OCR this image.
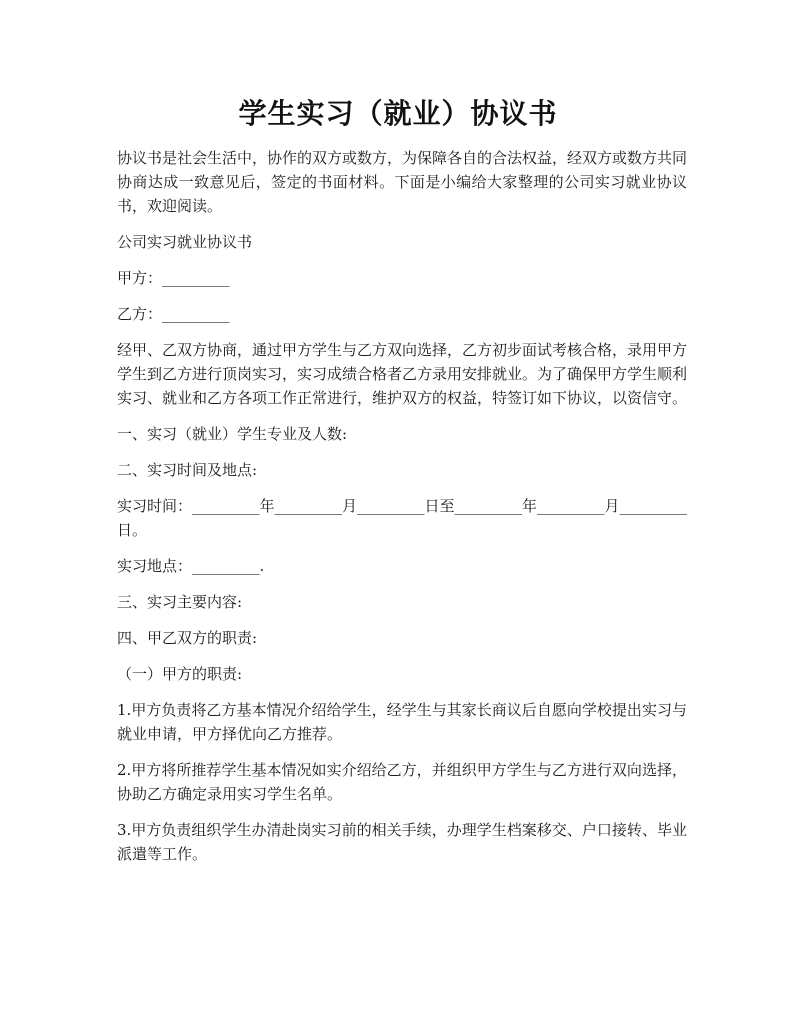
学生实习（就业）协议书

协议书是社会生活中，协作的双方或数方，为保障各自的合法权益，经双方或数方共同协商达成一致意见后，签定的书面材料。下面是小编给大家整理的公司实习就业协议书，欢迎阅读。

公司实习就业协议书

甲方：_________

乙方：_________

经甲、乙双方协商，通过甲方学生与乙方双向选择，乙方初步面试考核合格，录用甲方学生到乙方进行顶岗实习，实习成绩合格者乙方录用安排就业。为了确保甲方学生顺利实习、就业和乙方各项工作正常进行，维护双方的权益，特签订如下协议，以资信守。

一、实习（就业）学生专业及人数:

二、实习时间及地点:

实习时间：_________年_________月_________日至_________年_________月_________日。

实习地点：_________.

三、实习主要内容:

四、甲乙双方的职责:

（一）甲方的职责:

1.甲方负责将乙方基本情况介绍给学生，经学生与其家长商议后自愿向学校提出实习与就业申请，甲方择优向乙方推荐。

2.甲方将所推荐学生基本情况如实介绍给乙方，并组织甲方学生与乙方进行双向选择，协助乙方确定录用实习学生名单。

3.甲方负责组织学生办清赴岗实习前的相关手续，办理学生档案移交、户口接转、毕业派遣等工作。
